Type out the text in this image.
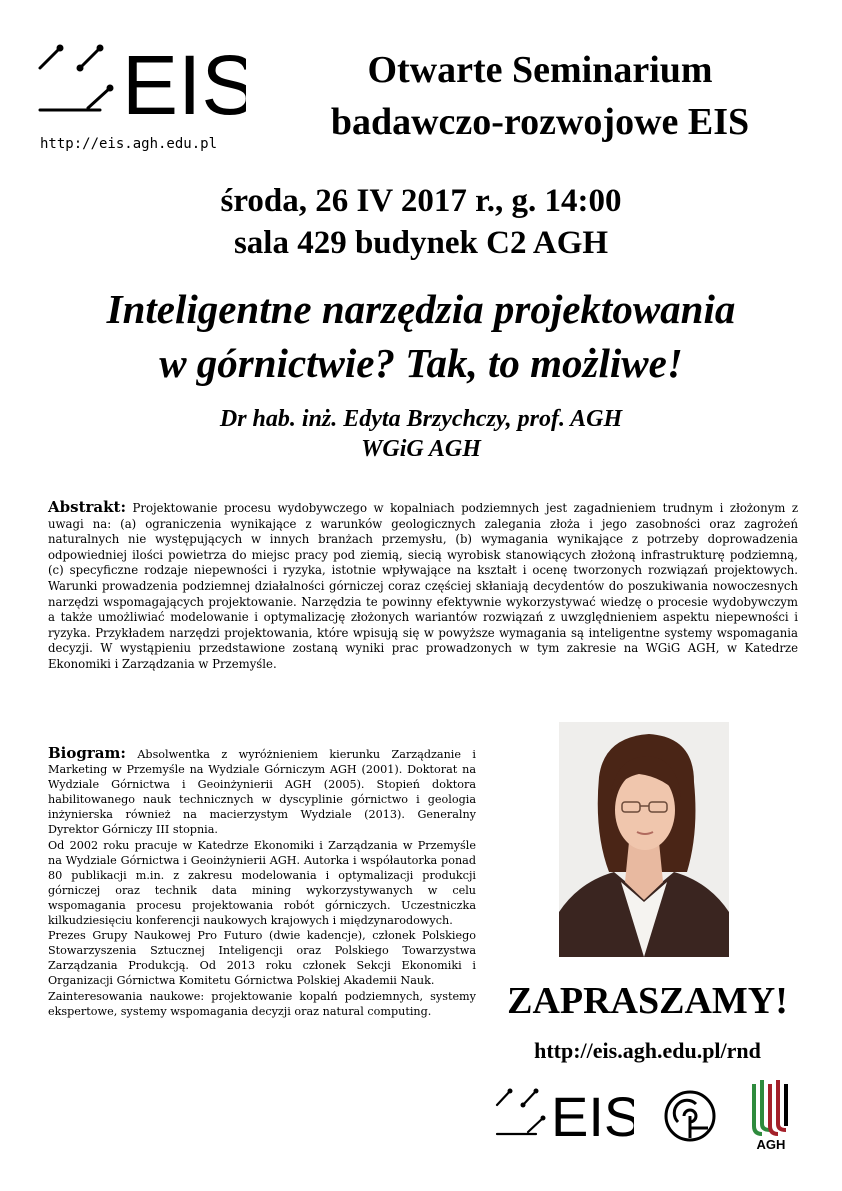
EIS
http://eis.agh.edu.pl
Otwarte Seminarium
badawczo-rozwojowe EIS
środa, 26 IV 2017 r., g. 14:00
sala 429 budynek C2 AGH
Inteligentne narzędzia projektowania
w górnictwie? Tak, to możliwe!
Dr hab. inż. Edyta Brzychczy, prof. AGH
WGiG AGH
Abstrakt: Projektowanie procesu wydobywczego w kopalniach podziemnych jest zagadnieniem trudnym i złożonym z uwagi na: (a) ograniczenia wynikające z warunków geologicznych zalegania złoża i jego zasobności oraz zagrożeń naturalnych nie występujących w innych branżach przemysłu, (b) wymagania wynikające z potrzeby doprowadzenia odpowiedniej ilości powietrza do miejsc pracy pod ziemią, siecią wyrobisk stanowiących złożoną infrastrukturę podziemną, (c) specyficzne rodzaje niepewności i ryzyka, istotnie wpływające na kształt i ocenę tworzonych rozwiązań projektowych. Warunki prowadzenia podziemnej działalności górniczej coraz częściej skłaniają decydentów do poszukiwania nowoczesnych narzędzi wspomagających projektowanie. Narzędzia te powinny efektywnie wykorzystywać wiedzę o procesie wydobywczym a także umożliwiać modelowanie i optymalizację złożonych wariantów rozwiązań z uwzględnieniem aspektu niepewności i ryzyka. Przykładem narzędzi projektowania, które wpisują się w powyższe wymagania są inteligentne systemy wspomagania decyzji. W wystąpieniu przedstawione zostaną wyniki prac prowadzonych w tym zakresie na WGiG AGH, w Katedrze Ekonomiki i Zarządzania w Przemyśle.

Biogram: Absolwentka z wyróżnieniem kierunku Zarządzanie i Marketing w Przemyśle na Wydziale Górniczym AGH (2001). Doktorat na Wydziale Górnictwa i Geoinżynierii AGH (2005). Stopień doktora habilitowanego nauk technicznych w dyscyplinie górnictwo i geologia inżynierska również na macierzystym Wydziale (2013). Generalny Dyrektor Górniczy III stopnia.

Od 2002 roku pracuje w Katedrze Ekonomiki i Zarządzania w Przemyśle na Wydziale Górnictwa i Geoinżynierii AGH. Autorka i współautorka ponad 80 publikacji m.in. z zakresu modelowania i optymalizacji produkcji górniczej oraz technik data mining wykorzystywanych w celu wspomagania procesu projektowania robót górniczych. Uczestniczka kilkudziesięciu konferencji naukowych krajowych i międzynarodowych.

Prezes Grupy Naukowej Pro Futuro (dwie kadencje), członek Polskiego Stowarzyszenia Sztucznej Inteligencji oraz Polskiego Towarzystwa Zarządzania Produkcją. Od 2013 roku członek Sekcji Ekonomiki i Organizacji Górnictwa Komitetu Górnictwa Polskiej Akademii Nauk.

Zainteresowania naukowe: projektowanie kopalń podziemnych, systemy ekspertowe, systemy wspomagania decyzji oraz natural computing.	ZAPRASZAMY!
http://eis.agh.edu.pl/rnd
EIS	AGH
